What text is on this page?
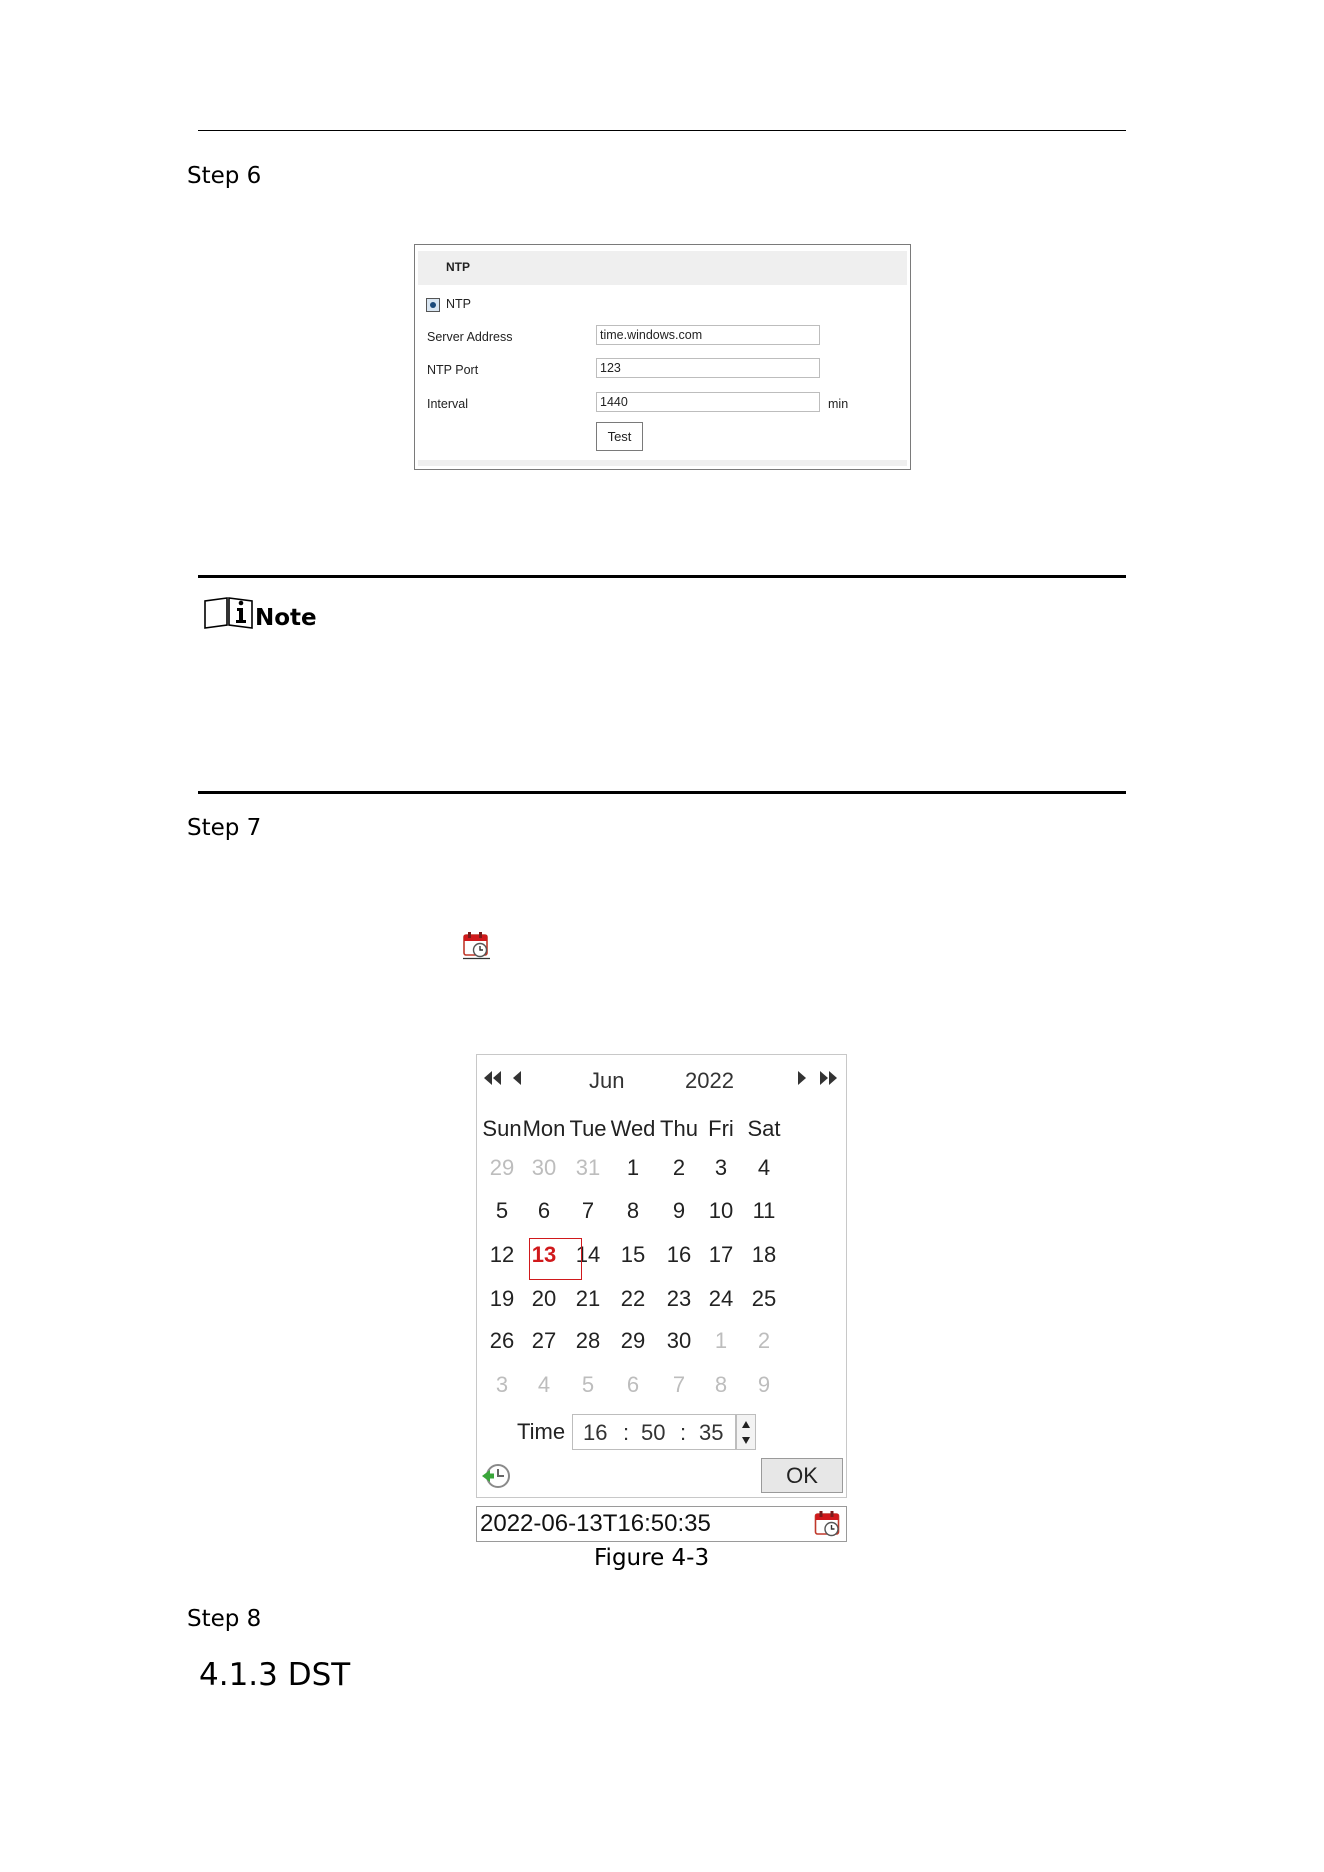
Step 6
NTP
NTP
Server Address	time.windows.com
NTP Port	123
Interval	1440	min
Test
Note
Step 7
Jun	2022
Sun Mon Tue Wed Thu Fri Sat
29 30 31	1	2	3	4
5	6	7	8	9	10 11
12 13 14 15 16 17 18
19 20 21 22 23 24 25
26 27 28 29 30	1	2
3	4	5	6	7	8	9
Time 16 : 50 : 35
OK
2022-06-13T16:50:35
Figure 4-3
Step 8
4.1.3 DST
